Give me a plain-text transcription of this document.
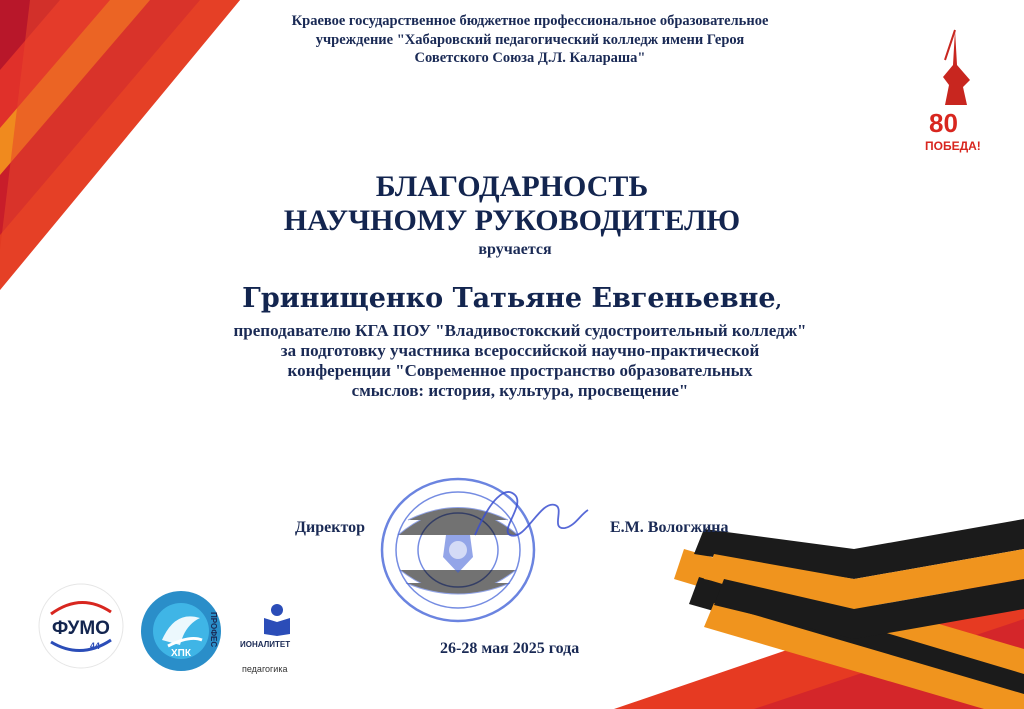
Краевое государственное бюджетное профессиональное образовательное
учреждение "Хабаровский педагогический колледж имени Героя
Советского Союза Д.Л. Калараша"
80
ПОБЕДА!
БЛАГОДАРНОСТЬ
НАУЧНОМУ РУКОВОДИТЕЛЮ
вручается
Гринищенко Татьяне Евгеньевне,
преподавателю КГА ПОУ "Владивостокский судостроительный колледж"
за подготовку участника всероссийской научно-практической
конференции "Современное пространство образовательных
смыслов: история, культура, просвещение"
Директор	Е.М. Вологжина
26-28 мая 2025 года
ФУМО
44
ХПК
ПРОФЕС	ИОНАЛИТЕТ
педагогика
